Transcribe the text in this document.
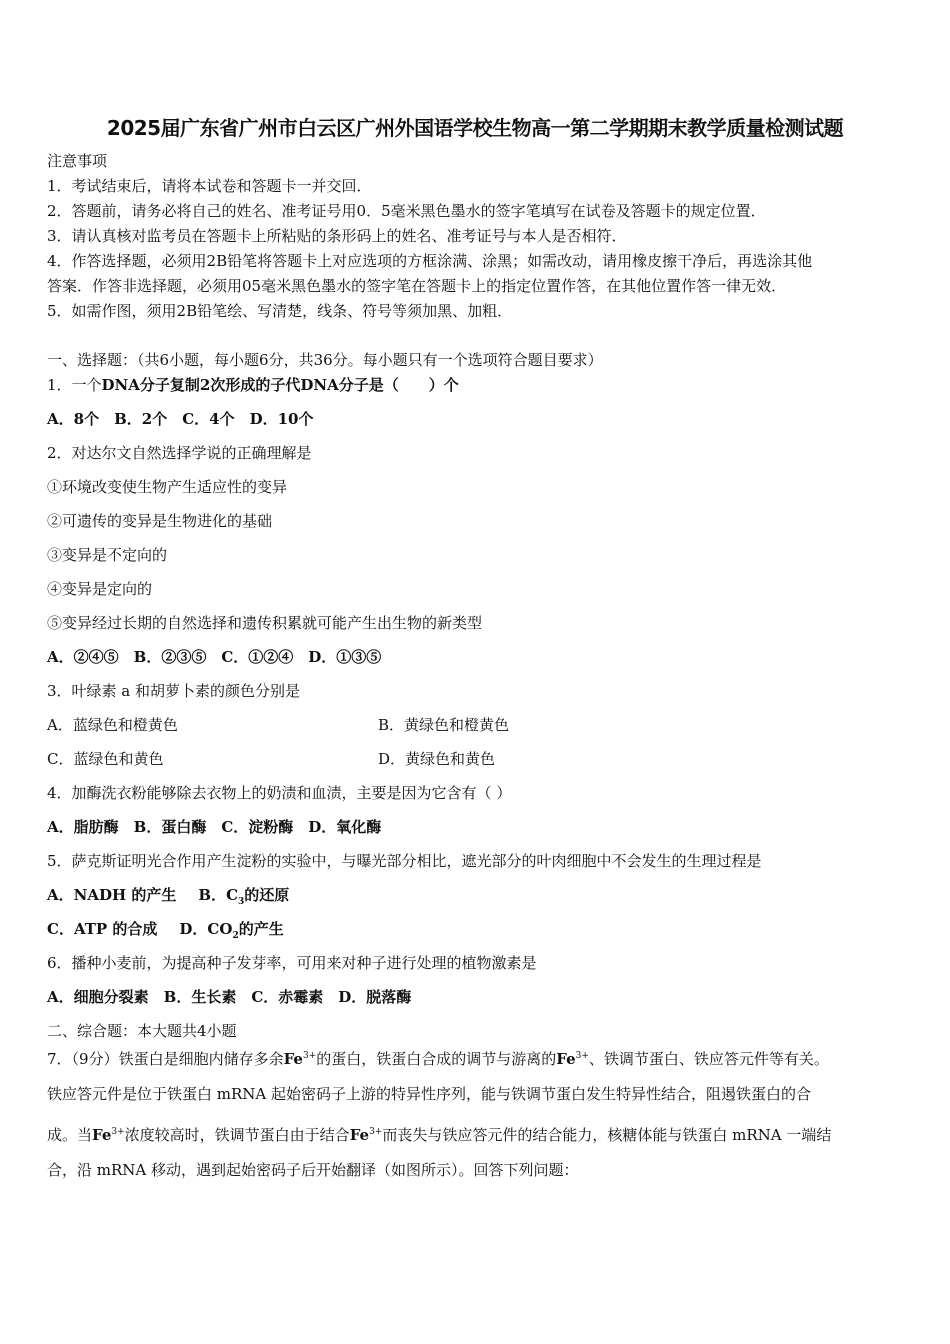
2025届广东省广州市白云区广州外国语学校生物高一第二学期期末教学质量检测试题
注意事项
1．考试结束后，请将本试卷和答题卡一并交回．
2．答题前，请务必将自己的姓名、准考证号用0．5毫米黑色墨水的签字笔填写在试卷及答题卡的规定位置．
3．请认真核对监考员在答题卡上所粘贴的条形码上的姓名、准考证号与本人是否相符．
4．作答选择题，必须用2B铅笔将答题卡上对应选项的方框涂满、涂黑；如需改动，请用橡皮擦干净后，再选涂其他
答案．作答非选择题，必须用05毫米黑色墨水的签字笔在答题卡上的指定位置作答，在其他位置作答一律无效．
5．如需作图，须用2B铅笔绘、写清楚，线条、符号等须加黑、加粗．
一、选择题：（共6小题，每小题6分，共36分。每小题只有一个选项符合题目要求）
1．一个DNA分子复制2次形成的子代DNA分子是（　　）个
A．8个　B．2个　C．4个　D．10个
2．对达尔文自然选择学说的正确理解是
①环境改变使生物产生适应性的变异
②可遗传的变异是生物进化的基础
③变异是不定向的
④变异是定向的
⑤变异经过长期的自然选择和遗传积累就可能产生出生物的新类型
A．②④⑤　B．②③⑤　C．①②④　D．①③⑤
3．叶绿素 a 和胡萝卜素的颜色分别是
A．蓝绿色和橙黄色	B．黄绿色和橙黄色
C．蓝绿色和黄色	D．黄绿色和黄色
4．加酶洗衣粉能够除去衣物上的奶渍和血渍，主要是因为它含有（ ）
A．脂肪酶　B．蛋白酶　C．淀粉酶　D．氧化酶
5．萨克斯证明光合作用产生淀粉的实验中，与曝光部分相比，遮光部分的叶肉细胞中不会发生的生理过程是
A．NADH 的产生 B．$C_3$的还原
C．ATP 的合成 D．$CO_2$的产生
6．播种小麦前，为提高种子发芽率，可用来对种子进行处理的植物激素是
A．细胞分裂素　B．生长素　C．赤霉素　D．脱落酶
二、综合题：本大题共4小题
7．（9分）铁蛋白是细胞内储存多余$Fe^{3+}$的蛋白，铁蛋白合成的调节与游离的$Fe^{3+}$、铁调节蛋白、铁应答元件等有关。
铁应答元件是位于铁蛋白 mRNA 起始密码子上游的特异性序列，能与铁调节蛋白发生特异性结合，阻遏铁蛋白的合
成。当$Fe^{3+}$浓度较高时，铁调节蛋白由于结合$Fe^{3+}$而丧失与铁应答元件的结合能力，核糖体能与铁蛋白 mRNA 一端结
合，沿 mRNA 移动，遇到起始密码子后开始翻译（如图所示）。回答下列问题：
